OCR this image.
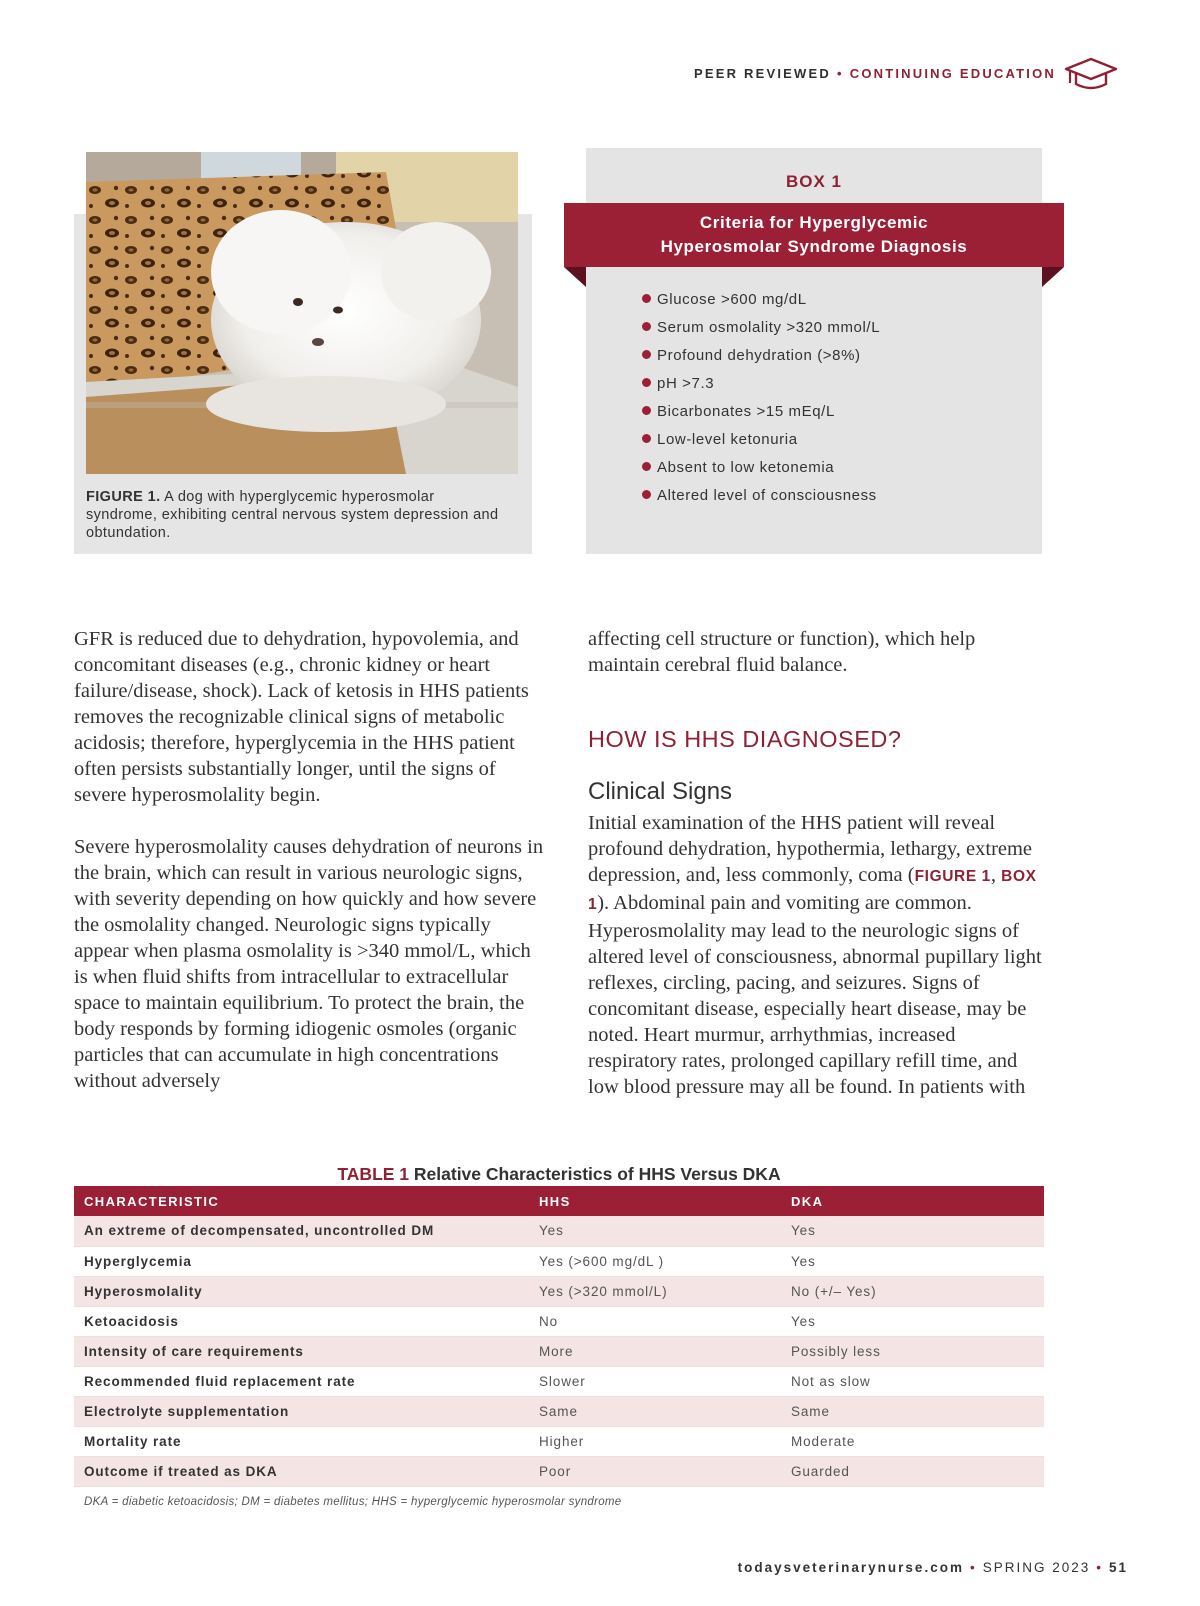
PEER REVIEWED • CONTINUING EDUCATION
FIGURE 1. A dog with hyperglycemic hyperosmolar syndrome, exhibiting central nervous system depression and obtundation.
BOX 1
Criteria for Hyperglycemic Hyperosmolar Syndrome Diagnosis
Glucose >600 mg/dL
Serum osmolality >320 mmol/L
Profound dehydration (>8%)
pH >7.3
Bicarbonates >15 mEq/L
Low-level ketonuria
Absent to low ketonemia
Altered level of consciousness

GFR is reduced due to dehydration, hypovolemia, and concomitant diseases (e.g., chronic kidney or heart failure/disease, shock). Lack of ketosis in HHS patients removes the recognizable clinical signs of metabolic acidosis; therefore, hyperglycemia in the HHS patient often persists substantially longer, until the signs of severe hyperosmolality begin.

Severe hyperosmolality causes dehydration of neurons in the brain, which can result in various neurologic signs, with severity depending on how quickly and how severe the osmolality changed. Neurologic signs typically appear when plasma osmolality is >340 mmol/L, which is when fluid shifts from intracellular to extracellular space to maintain equilibrium. To protect the brain, the body responds by forming idiogenic osmoles (organic particles that can accumulate in high concentrations without adversely

affecting cell structure or function), which help maintain cerebral fluid balance.

HOW IS HHS DIAGNOSED?
Clinical Signs

Initial examination of the HHS patient will reveal profound dehydration, hypothermia, lethargy, extreme depression, and, less commonly, coma (FIGURE 1, BOX 1). Abdominal pain and vomiting are common. Hyperosmolality may lead to the neurologic signs of altered level of consciousness, abnormal pupillary light reflexes, circling, pacing, and seizures. Signs of concomitant disease, especially heart disease, may be noted. Heart murmur, arrhythmias, increased respiratory rates, prolonged capillary refill time, and low blood pressure may all be found. In patients with

TABLE 1 Relative Characteristics of HHS Versus DKA
CHARACTERISTIC	HHS	DKA
An extreme of decompensated, uncontrolled DM	Yes	Yes
Hyperglycemia	Yes (>600 mg/dL )	Yes
Hyperosmolality	Yes (>320 mmol/L)	No (+/– Yes)
Ketoacidosis	No	Yes
Intensity of care requirements	More	Possibly less
Recommended fluid replacement rate	Slower	Not as slow
Electrolyte supplementation	Same	Same
Mortality rate	Higher	Moderate
Outcome if treated as DKA	Poor	Guarded
DKA = diabetic ketoacidosis; DM = diabetes mellitus; HHS = hyperglycemic hyperosmolar syndrome
todaysveterinarynurse.com • SPRING 2023 • 51
